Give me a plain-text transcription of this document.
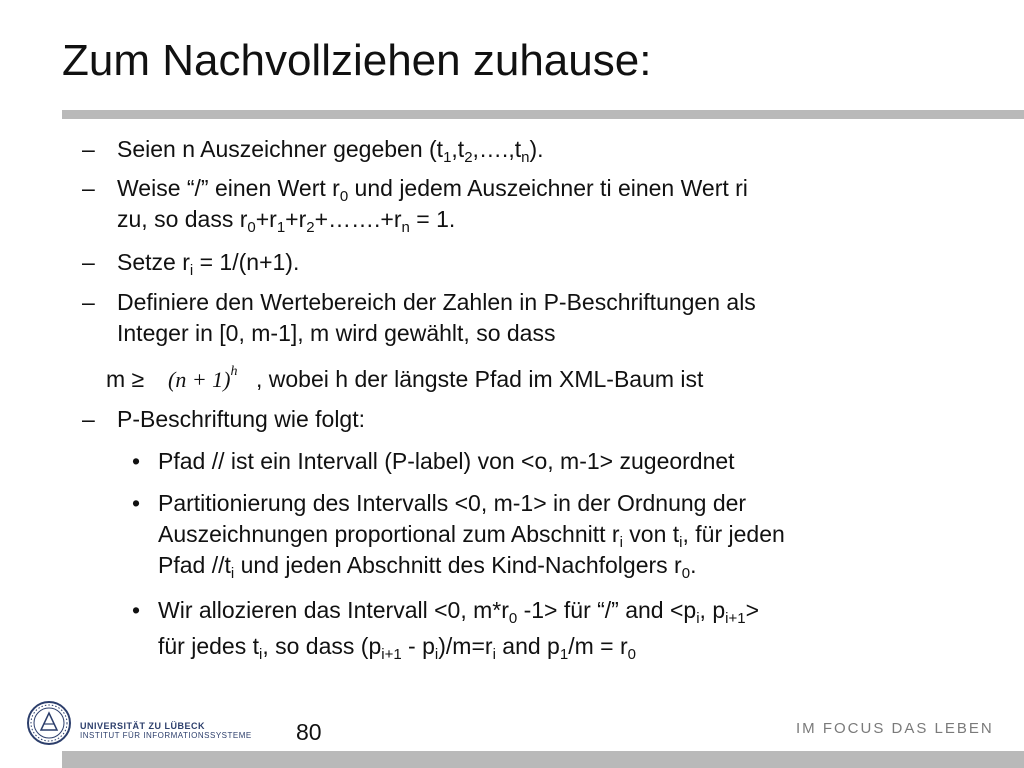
Zum Nachvollziehen zuhause:
– Seien n Auszeichner gegeben $(t_1,t_2,\dots.,t_n)$.
– Weise “/” einen Wert $r_0$ und jedem Auszeichner ti einen Wert ri
zu, so dass $r_0+r_1+r_2+\dots\dots.+r_n = 1$.
– Setze $r_i = 1/(n+1)$.
– Definiere den Wertebereich der Zahlen in P-Beschriftungen als
Integer in [0, m-1], m wird gewählt, so dass
$m \ge (n + 1)^h$ , wobei h der längste Pfad im XML-Baum ist
– P-Beschriftung wie folgt:
• Pfad // ist ein Intervall (P-label) von <o, m-1> zugeordnet
• Partitionierung des Intervalls <0, m-1> in der Ordnung der
Auszeichnungen proportional zum Abschnitt $r_i$ von $t_i$, für jeden
Pfad $//t_i$ und jeden Abschnitt des Kind-Nachfolgers $r_0$.
• Wir allozieren das Intervall <0, $m*r_0$ -1> für “/” and $<p_i$, $p_{i+1}>$
für jedes $t_i$, so dass $(p_{i+1} - p_i)/m=r_i$ and $p_1/m = r_0$
UNIVERSITÄT ZU LÜBECK
INSTITUT FÜR INFORMATIONSSYSTEME 80	IM FOCUS DAS LEBEN
